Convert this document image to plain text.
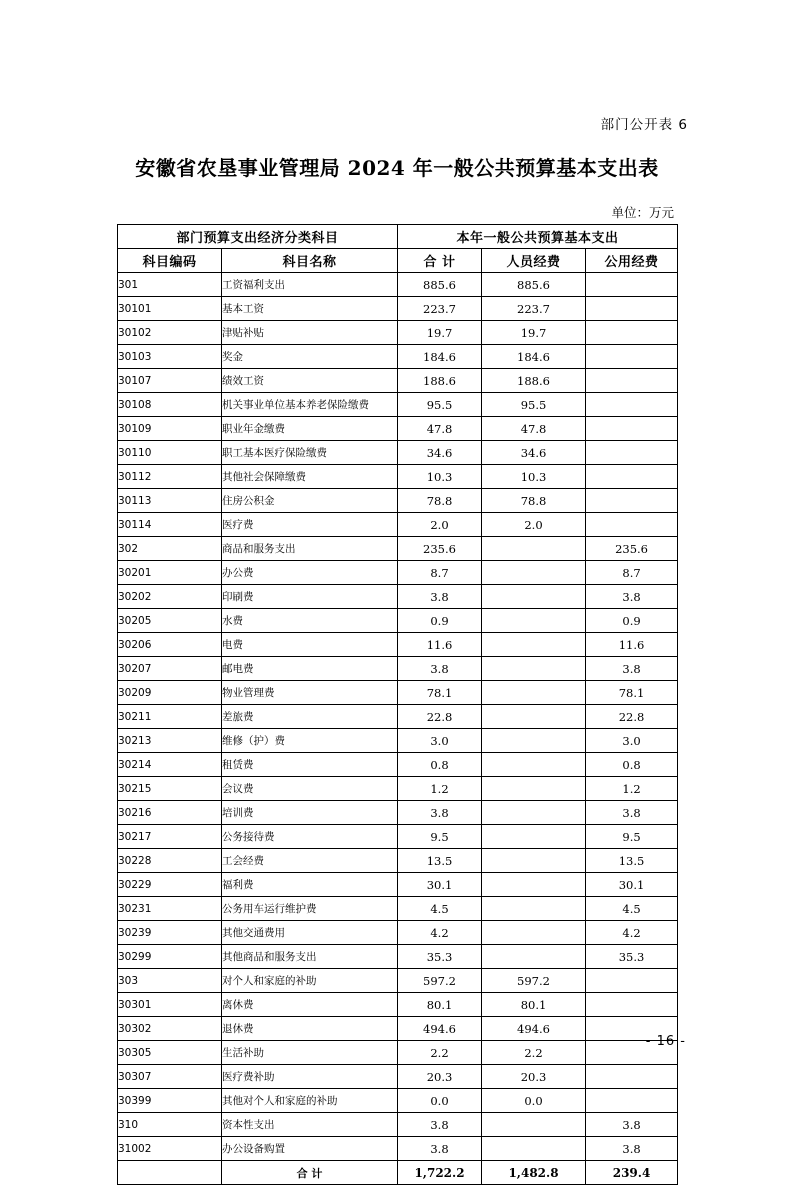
部门公开表 6
安徽省农垦事业管理局 2024 年一般公共预算基本支出表
单位：万元
部门预算支出经济分类科目		本年一般公共预算基本支出		
科目编码	科目名称	合 计	人员经费	公用经费
301	工资福利支出	885.6	885.6	
30101	基本工资	223.7	223.7	
30102	津贴补贴	19.7	19.7	
30103	奖金	184.6	184.6	
30107	绩效工资	188.6	188.6	
30108	机关事业单位基本养老保险缴费	95.5	95.5	
30109	职业年金缴费	47.8	47.8	
30110	职工基本医疗保险缴费	34.6	34.6	
30112	其他社会保障缴费	10.3	10.3	
30113	住房公积金	78.8	78.8	
30114	医疗费	2.0	2.0	
302	商品和服务支出	235.6		235.6
30201	办公费	8.7		8.7
30202	印刷费	3.8		3.8
30205	水费	0.9		0.9
30206	电费	11.6		11.6
30207	邮电费	3.8		3.8
30209	物业管理费	78.1		78.1
30211	差旅费	22.8		22.8
30213	维修（护）费	3.0		3.0
30214	租赁费	0.8		0.8
30215	会议费	1.2		1.2
30216	培训费	3.8		3.8
30217	公务接待费	9.5		9.5
30228	工会经费	13.5		13.5
30229	福利费	30.1		30.1
30231	公务用车运行维护费	4.5		4.5
30239	其他交通费用	4.2		4.2
30299	其他商品和服务支出	35.3		35.3
303	对个人和家庭的补助	597.2	597.2	
30301	离休费	80.1	80.1	
30302	退休费	494.6	494.6	
30305	生活补助	2.2	2.2	
30307	医疗费补助	20.3	20.3	
30399	其他对个人和家庭的补助	0.0	0.0	
310	资本性支出	3.8		3.8
31002	办公设备购置	3.8		3.8
	合 计	1,722.2	1,482.8	239.4
- 16 -
